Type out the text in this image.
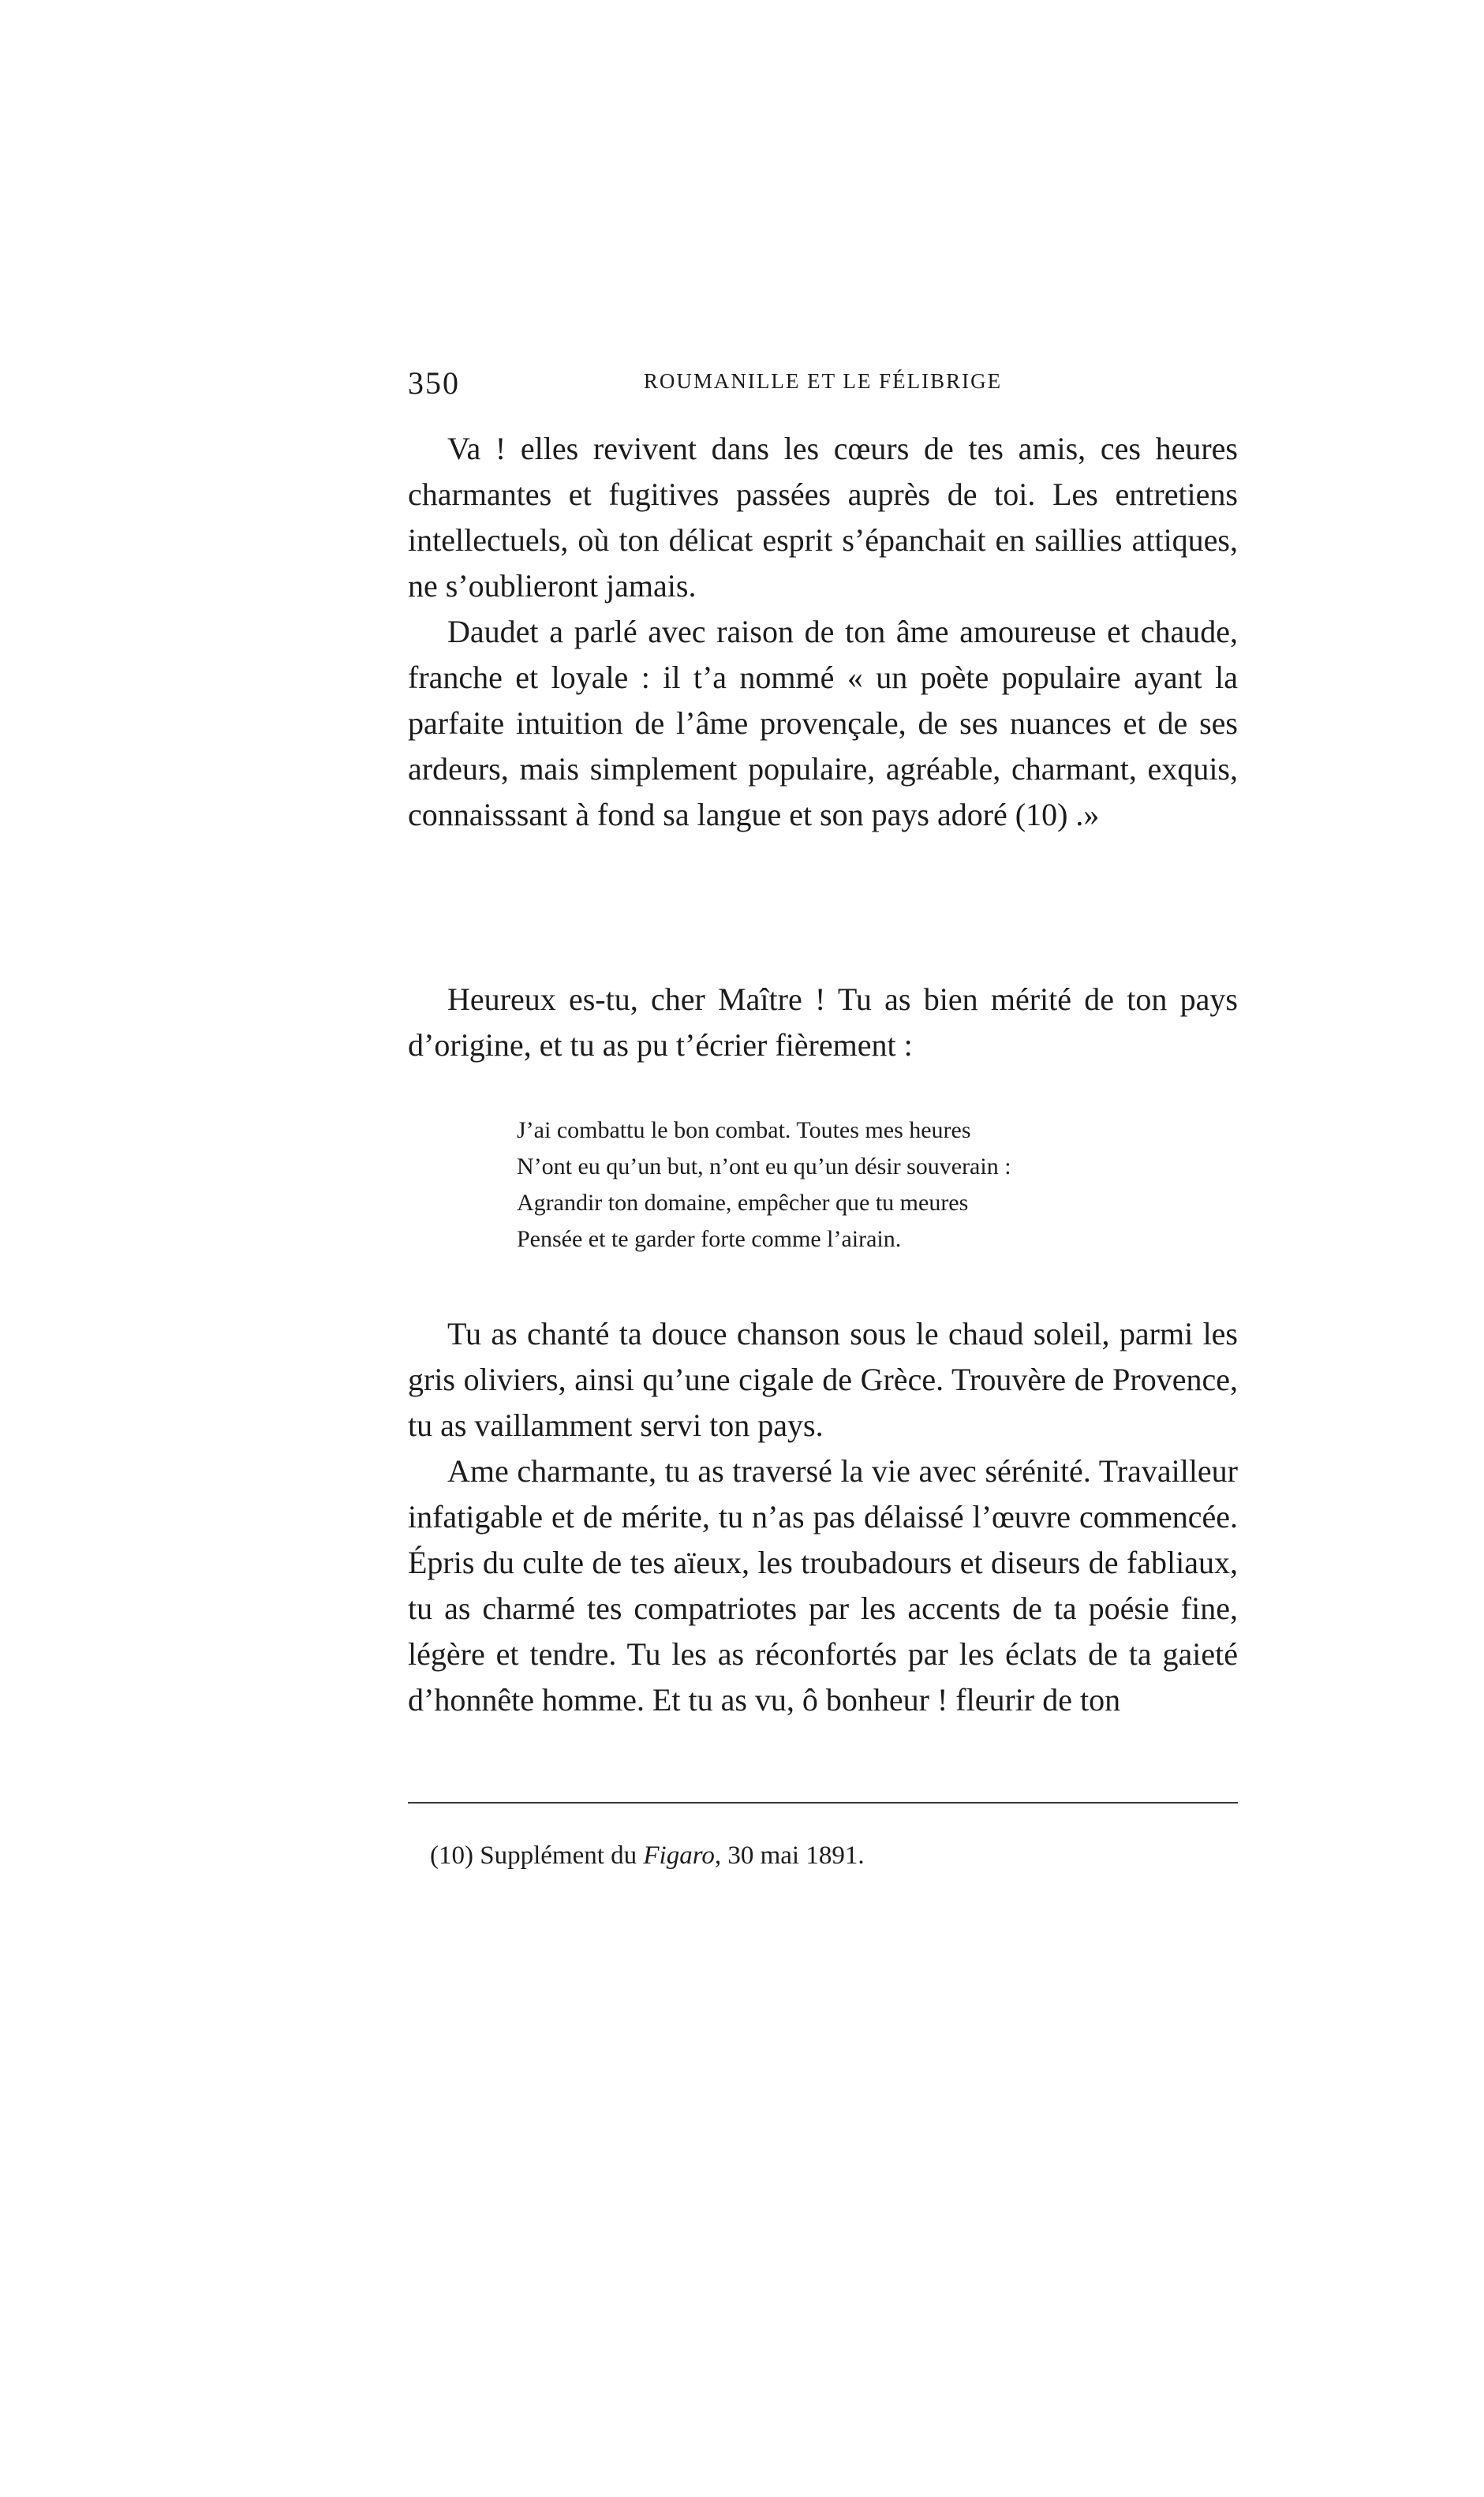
350	ROUMANILLE ET LE FÉLIBRIGE

Va ! elles revivent dans les cœurs de tes amis, ces heures charmantes et fugitives passées auprès de toi. Les entretiens intellectuels, où ton délicat esprit s’épanchait en saillies attiques, ne s’oublieront jamais.

Daudet a parlé avec raison de ton âme amoureuse et chaude, franche et loyale : il t’a nommé « un poète populaire ayant la parfaite intuition de l’âme provençale, de ses nuances et de ses ardeurs, mais simplement populaire, agréable, charmant, exquis, connaisssant à fond sa langue et son pays adoré (10) .»

Heureux es-tu, cher Maître ! Tu as bien mérité de ton pays d’origine, et tu as pu t’écrier fièrement :

J’ai combattu le bon combat. Toutes mes heures
N’ont eu qu’un but, n’ont eu qu’un désir souverain :
Agrandir ton domaine, empêcher que tu meures
Pensée et te garder forte comme l’airain.

Tu as chanté ta douce chanson sous le chaud soleil, parmi les gris oliviers, ainsi qu’une cigale de Grèce. Trouvère de Provence, tu as vaillamment servi ton pays.

Ame charmante, tu as traversé la vie avec sérénité. Travailleur infatigable et de mérite, tu n’as pas délaissé l’œuvre commencée. Épris du culte de tes aïeux, les troubadours et diseurs de fabliaux, tu as charmé tes compatriotes par les accents de ta poésie fine, légère et tendre. Tu les as réconfortés par les éclats de ta gaieté d’honnête homme. Et tu as vu, ô bonheur ! fleurir de ton

(10) Supplément du Figaro, 30 mai 1891.
